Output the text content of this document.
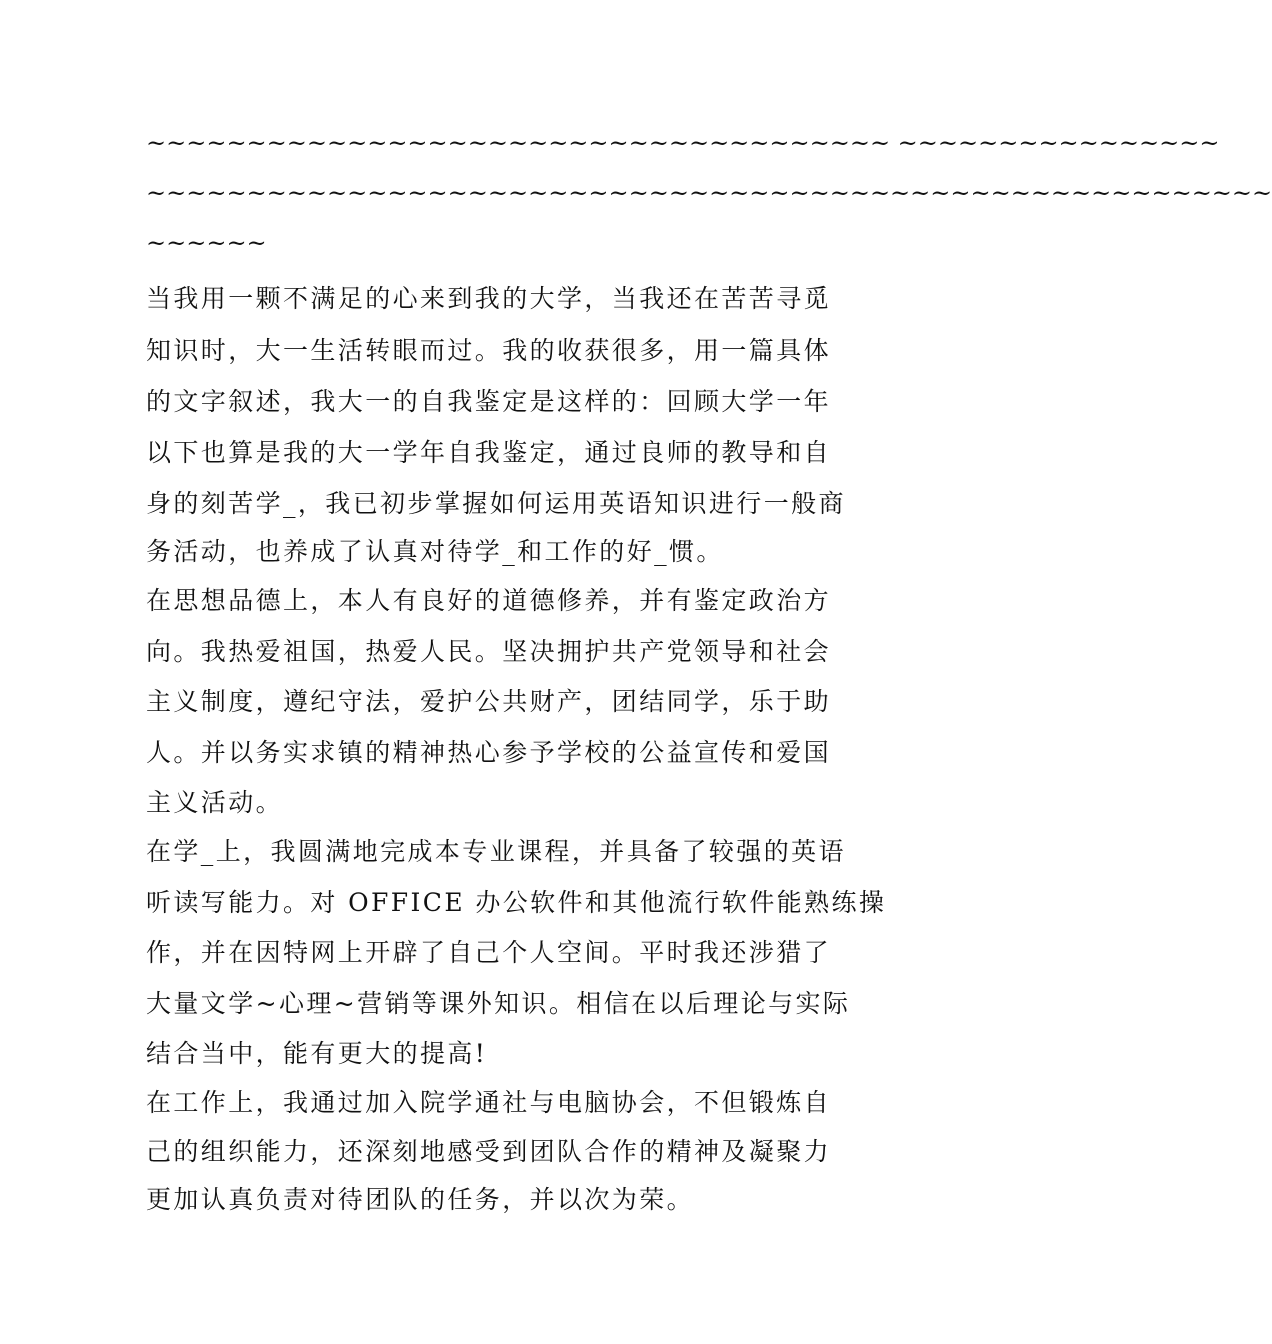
~~~~~~~~~~~~~~~~~~~~~~~~~~~~~~~~~~~~~ ~~~~~~~~~~~~~~~~
~~~~~~~~~~~~~~~~~~~~~~~~~~~~~~~~~~~~~~~~~~~~~~~~~~~~~~~~
~~~~~~
当我用一颗不满足的心来到我的大学，当我还在苦苦寻觅
知识时，大一生活转眼而过。我的收获很多，用一篇具体
的文字叙述，我大一的自我鉴定是这样的：回顾大学一年
以下也算是我的大一学年自我鉴定，通过良师的教导和自
身的刻苦学_，我已初步掌握如何运用英语知识进行一般商
务活动，也养成了认真对待学_和工作的好_惯。
在思想品德上，本人有良好的道德修养，并有鉴定政治方
向。我热爱祖国，热爱人民。坚决拥护共产党领导和社会
主义制度，遵纪守法，爱护公共财产，团结同学，乐于助
人。并以务实求镇的精神热心参予学校的公益宣传和爱国
主义活动。
在学_上，我圆满地完成本专业课程，并具备了较强的英语
听读写能力。对 OFFICE 办公软件和其他流行软件能熟练操
作，并在因特网上开辟了自己个人空间。平时我还涉猎了
大量文学~心理~营销等课外知识。相信在以后理论与实际
结合当中，能有更大的提高!
在工作上，我通过加入院学通社与电脑协会，不但锻炼自
己的组织能力，还深刻地感受到团队合作的精神及凝聚力
更加认真负责对待团队的任务，并以次为荣。
